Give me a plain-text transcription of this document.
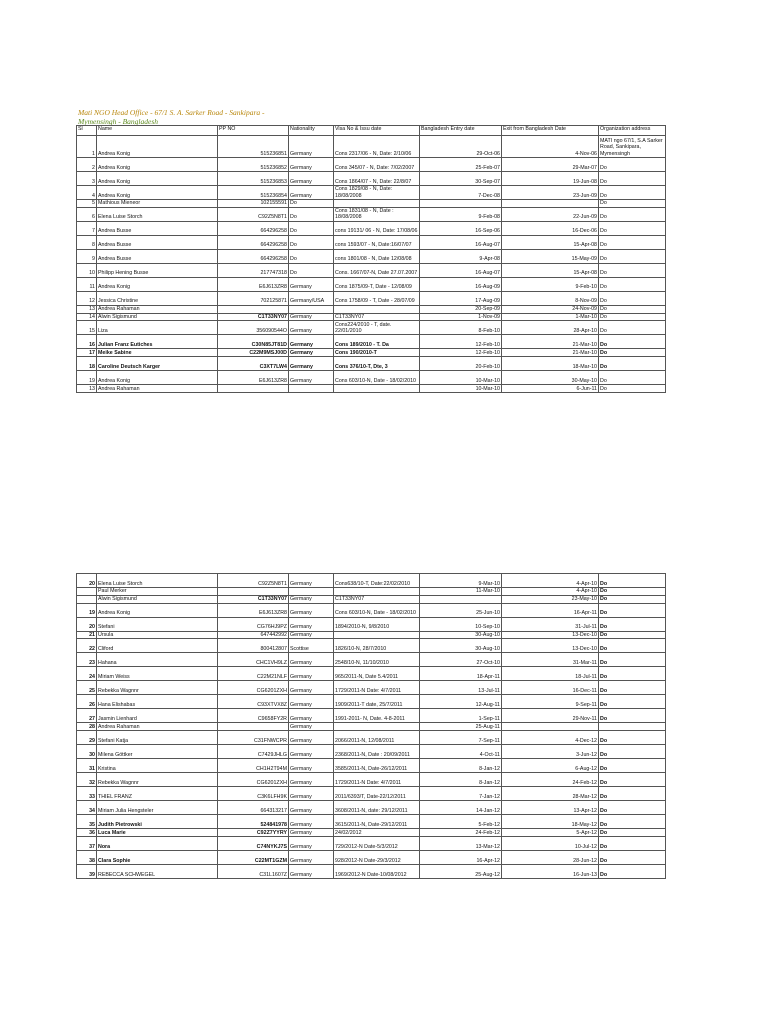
Mati NGO Head Office - 67/1 S. A. Sarker Road - Sankipara -
Mymensingh - Bangladesh
Sl	Name	PP NO	Nationality	Visa No & Issu date	Bangladesh Entry date	Exit from Bangladesh Date	Organization address
1	Andrea Konig	515236851	Germany	Cons 2317/06 - N, Date: 2/10/06	29-Oct-06	4-Nov-06	MATI ngo 67/1, S.A Sarker Road, Sankipara, Mymensingh
2	Andrea Konig	515236852	Germany	Cons 345/07 - N, Date: 7/02/2007	25-Feb-07	29-Mar-07	Do
3	Andrea Konig	515236853	Germany	Cons 1864/07 - N, Date: 22/8/07	30-Sep-07	19-Jun-08	Do
4	Andrea Konig	515236854	Germany	Cons 1829/08 - N, Date: 18/08/2008	7-Dec-08	23-Jun-09	Do
5	Mathious Mieneor	102155591	Do				Do
6	Elena Luise Storch	C92Z5N8T1	Do	Cons 1831/08 - N, Date : 18/08/2008	9-Feb-08	22-Jun-09	Do
7	Andrea Busse	664296258	Do	cons 19131/ 06 - N, Date: 17/08/06	16-Sep-06	16-Dec-06	Do
8	Andrea Busse	664296258	Do	cons 1593/07 - N, Date:16/07/07	16-Aug-07	15-Apr-08	Do
9	Andrea Busse	664296258	Do	cons 1801/08 - N, Date 12/08/08	9-Apr-08	15-May-09	Do
10	Philipp Hening Busse	217747318	Do	Cons. 1667/07-N, Date 27.07.2007	16-Aug-07	15-Apr-08	Do
11	Andrea Konig	E6J613ZR8	Germany	Cons 1875/09-T, Date - 12/08/09	16-Aug-09	9-Feb-10	Do
12	Jessica Christine	702125871	Germany/USA	Cons 1758/09 - T, Date - 28/07/09	17-Aug-09	8-Nov-09	Do
13	Andrea Rahaman				20-Sep-09	24-Nov-09	Do
14	Alwin Sigismund	C1T33NY07	Germany	C1T33NY07	1-Nov-09	1-Mar-10	Do
15	Liza	356090544O	Germany	Cons224/2010 - T, date. 22/01/2010	8-Feb-10	28-Apr-10	Do
16	Julian Franz Eutiches	C30N85JT81D	Germany	Cons 189/2010 - T. Da	12-Feb-10	21-Mar-10	Do
17	Meike Sabine	C22M9MSJ00D	Germany	Cons 190/2010-T	12-Feb-10	21-Mar-10	Do
18	Caroline Deutsch Karger	C3XT7LW4	Germany	Cons 376/10-T, Dte, 3	20-Feb-10	18-Mar-10	Do
19	Andrea Konig	E6J613ZR8	Germany	Cons 603/10-N, Date - 18/02/2010	10-Mar-10	30-May-10	Do
13	Andrea Rahaman				10-Mar-10	6-Jun-11	Do
20	Elena Luise Storch	C92Z5N8T1	Germany	Cons638/10-T, Date:22/02/2010	9-Mar-10	4-Apr-10	Do
	Paul Merker				11-Mar-10	4-Apr-10	Do
	Alwin Sigismund	C1T33NY07	Germany	C1T33NY07		23-May-10	Do
19	Andrea Konig	E6J613ZR8	Germany	Cons 603/10-N, Date - 18/02/2010	25-Jun-10	16-Apr-11	Do
20	Stefani	CG76HJ9PZ	Germany	1894/2010-N, 9/8/2010	10-Sep-10	31-Jul-11	Do
21	Ursula	647442992	Germany		30-Aug-10	13-Dec-10	Do
22	Cliford	800412807	Scottise	1826/10-N, 28/7/2010	30-Aug-10	13-Dec-10	Do
23	Hahana	CHC1VH9LZ	Germany	2548/10-N, 11/10/2010	27-Oct-10	31-Mar-11	Do
24	Miriam Weiss	C22M21NLF	Germany	965/2011-N, Date 5.4/2011	18-Apr-11	18-Jul-11	Do
25	Rebekka Wagnnr	CG6201ZXH	Germany	1729/2011-N Date: 4/7/2011	13-Jul-11	16-Dec-11	Do
26	Hana Elishabas	C93XTVX8Z	Germany	1909/2011-T date, 25/7/2011	12-Aug-11	9-Sep-11	Do
27	Jasmin Lienhard	C9658FY2R	Germany	1991-2011- N, Date. 4-8-2011	1-Sep-11	29-Nov-11	Do
28	Andrea Rahaman		Germany		25-Aug-11		
29	Stefani Katja	C31FNWCPR	Germany	2066/2011-N, 12/08/2011	7-Sep-11	4-Dec-12	Do
30	Milena Göttker	C7429JHLG	Germany	2368/2011-N, Date : 20/09/2011	4-Oct-11	3-Jun-12	Do
31	Kristina	CH1H2T94M	Germany	3585/2011-N, Date-26/12/2011	8-Jan-12	6-Aug-12	Do
32	Rebekka Wagnnr	CG6201ZXH	Germany	1729/2011-N Date: 4/7/2011	8-Jan-12	24-Feb-12	Do
33	THIEL FRANZ	C3K6LFH9K	Germany	2011/6393/T, Date-22/12/2011	7-Jan-12	28-Mar-12	Do
34	Miriam Julia Hengsteler	664313217	Germany	3608/2011-N, date: 29/12/2011	14-Jan-12	13-Apr-12	Do
35	Judith Pietrowski	524841978	Germany	3615/2011-N, Date-29/12/2011	5-Feb-12	18-May-12	Do
36	Luca Marie	C92Z7YYRY	Germany	24/02/2012	24-Feb-12	5-Apr-12	Do
37	Nora	C74NYKJ7S	Germany	729/2012-N Date-5/3/2012	13-Mar-12	10-Jul-12	Do
38	Clara Sophie	C22MT1GZM	Germany	928/2012-N Date-29/3/2012	16-Apr-12	28-Jun-12	Do
39	REBECCA SCHWEGEL	C31L1607Z	Germany	1969/2012-N Date-10/08/2012	25-Aug-12	16-Jun-13	Do
